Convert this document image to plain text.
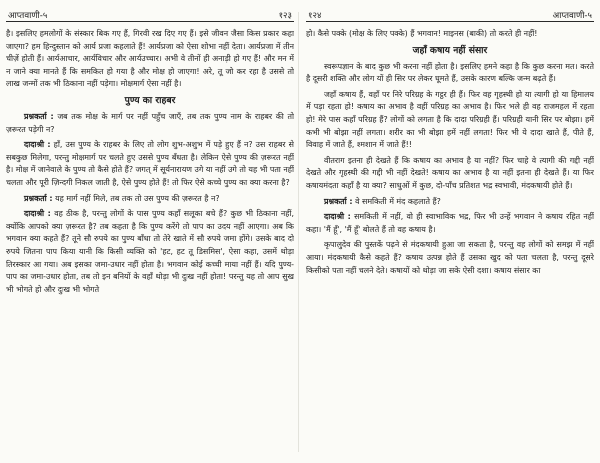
आप्तवाणी-५	१२३

है। इसलिए हमलोगों के संस्कार बिक गए हैं, गिरवी रख दिए गए हैं। इसे जीवन जैसा किस प्रकार कहा जाएगा? हम हिन्दुस्तान को आर्य प्रजा कहलाते हैं! आर्यप्रजा को ऐसा शोभा नहीं देता। आर्यप्रजा में तीन चीज़ें होती हैं। आर्यआचार, आर्यविचार और आर्यउच्चार। अभी वे तीनों ही अनाड़ी हो गए हैं! और मन में न जाने क्या मानते हैं कि समकित हो गया है और मोक्ष हो जाएगा! अरे, तू जो कर रहा है उससे तो लाख जन्मों तक भी ठिकाना नहीं पड़ेगा। मोक्षमार्ग ऐसा नहीं है।

पुण्य का राहबर

प्रश्नकर्ता : जब तक मोक्ष के मार्ग पर नहीं पहुँच जाएँ, तब तक पुण्य नाम के राहबर की तो ज़रूरत पड़ेगी न?

दादाश्री : हाँ, उस पुण्य के राहबर के लिए तो लोग शुभ-अशुभ में पड़े हुए हैं न? उस राहबर से सबकुछ मिलेगा, परन्तु मोक्षमार्ग पर चलते हुए उससे पुण्य बँधता है। लेकिन ऐसे पुण्य की ज़रूरत नहीं है। मोक्ष में जानेवाले के पुण्य तो कैसे होते हैं? जगत् में सूर्यनारायण उगे या नहीं उगे तो यह भी पता नहीं चलता और पूरी ज़िन्दगी निकल जाती है, ऐसे पुण्य होते हैं! तो फिर ऐसे कच्चे पुण्य का क्या करना है?

प्रश्नकर्ता : यह मार्ग नहीं मिले, तब तक तो उस पुण्य की ज़रूरत है न?

दादाश्री : वह ठीक है, परन्तु लोगों के पास पुण्य कहाँ सलूका बचे हैं? कुछ भी ठिकाना नहीं, क्योंकि आपको क्या ज़रूरत है? तब कहता है कि पुण्य करेंगे तो पाप का उदय नहीं आएगा। अब कि भगवान क्या कहते हैं? तूने सौ रुपये का पुण्य बाँधा तो तेरे खाते में सौ रुपये जमा होंगे। उसके बाद दो रुपये जितना पाप किया यानी कि किसी व्यक्ति को 'हट, हट तू डिसमिस', ऐसा कहा, उसमें थोड़ा तिरस्कार आ गया। अब इसका जमा-उधार नहीं होता है। भगवान कोई कच्ची माया नहीं हैं। यदि पुण्य-पाप का जमा-उधार होता, तब तो इन बनियों के वहाँ थोड़ा भी दुःख नहीं होता! परन्तु यह तो आप सुख भी भोगते हो और दुःख भी भोगते

१२४	आप्तवाणी-५

हो। कैसे पक्के (मोक्ष के लिए पक्के) हैं भगवान! माइनस (बाकी) तो करते ही नहीं!

जहाँ कषाय नहीं संसार

स्वरूपज्ञान के बाद कुछ भी करना नहीं होता है। इसलिए हमने कहा है कि कुछ करना मत। करते है दूसरी शक्ति और लोग यों ही सिर पर लेकर घूमते हैं, उसके कारण बल्कि जन्म बढ़ते हैं।

जहाँ कषाय हैं, वहाँ पर निरे परिग्रह के गट्ठर ही हैं। फिर वह गृहस्थी हो या त्यागी हो या हिमालय में पड़ा रहता हो! कषाय का अभाव है वहीं परिग्रह का अभाव है। फिर भले ही वह राजमहल में रहता हो! मेरे पास कहाँ परिग्रह हैं? लोगों को लगता है कि दादा परिग्रही हैं। परिग्रही यानी सिर पर बोझा। हमें कभी भी बोझा नहीं लगता। शरीर का भी बोझा हमें नहीं लगता! फिर भी ये दादा खाते हैं, पीते हैं, विवाह में जाते हैं, श्मशान में जाते हैं!!

वीतराग इतना ही देखते हैं कि कषाय का अभाव है या नहीं? फिर चाहे वे त्यागी की गद्दी नहीं देखते और गृहस्थी की गद्दी भी नहीं देखते! कषाय का अभाव है या नहीं इतना ही देखते हैं। या फिर कषायमंदता कहाँ है या क्या? साधुओं में कुछ, दो-पाँच प्रतिशत भद्र स्वभावी, मंदकषायी होते हैं।

प्रश्नकर्ता : वे समकिती में मंद कहलाते हैं?

दादाश्री : समकिती में नहीं, वो ही स्वाभाविक भद्र, फिर भी उन्हें भगवान ने कषाय रहित नहीं कहा। 'मैं हूँ', 'मैं हूँ' बोलते हैं तो वह कषाय है।

कृपालुदेव की पुस्तकें पढ़ने से मंदकषायी हुआ जा सकता है, परन्तु वह लोगों को समझ में नहीं आया। मंदकषायी कैसे कहते हैं? कषाय उत्पन्न होते हैं उसका खुद को पता चलता है, परन्तु दूसरे किसीको पता नहीं चलने देते। कषायों को थोड़ा जा सके ऐसी दशा। कषाय संसार का
